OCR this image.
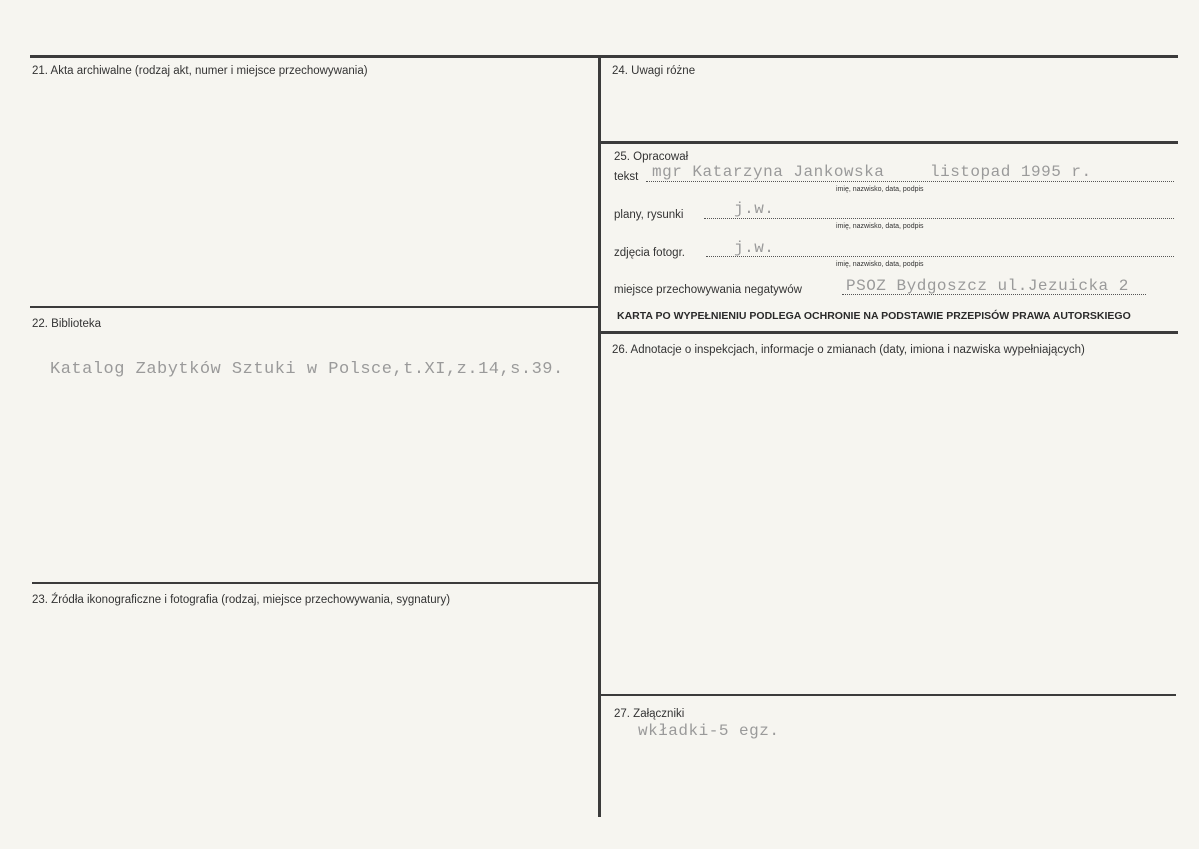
21. Akta archiwalne (rodzaj akt, numer i miejsce przechowywania)
22. Biblioteka
Katalog Zabytków Sztuki w Polsce,t.XI,z.14,s.39.
23. Źródła ikonograficzne i fotografia (rodzaj, miejsce przechowywania, sygnatury)
24. Uwagi różne
25. Opracował
tekst mgr Katarzyna Jankowska	listopad 1995 r.
imię, nazwisko, data, podpis
plany, rysunki	j.w.
imię, nazwisko, data, podpis
zdjęcia fotogr.	j.w.
imię, nazwisko, data, podpis
miejsce przechowywania negatywów	PSOZ Bydgoszcz ul.Jezuicka 2
KARTA PO WYPEŁNIENIU PODLEGA OCHRONIE NA PODSTAWIE PRZEPISÓW PRAWA AUTORSKIEGO
26. Adnotacje o inspekcjach, informacje o zmianach (daty, imiona i nazwiska wypełniających)
27. Załączniki
wkładki-5 egz.
